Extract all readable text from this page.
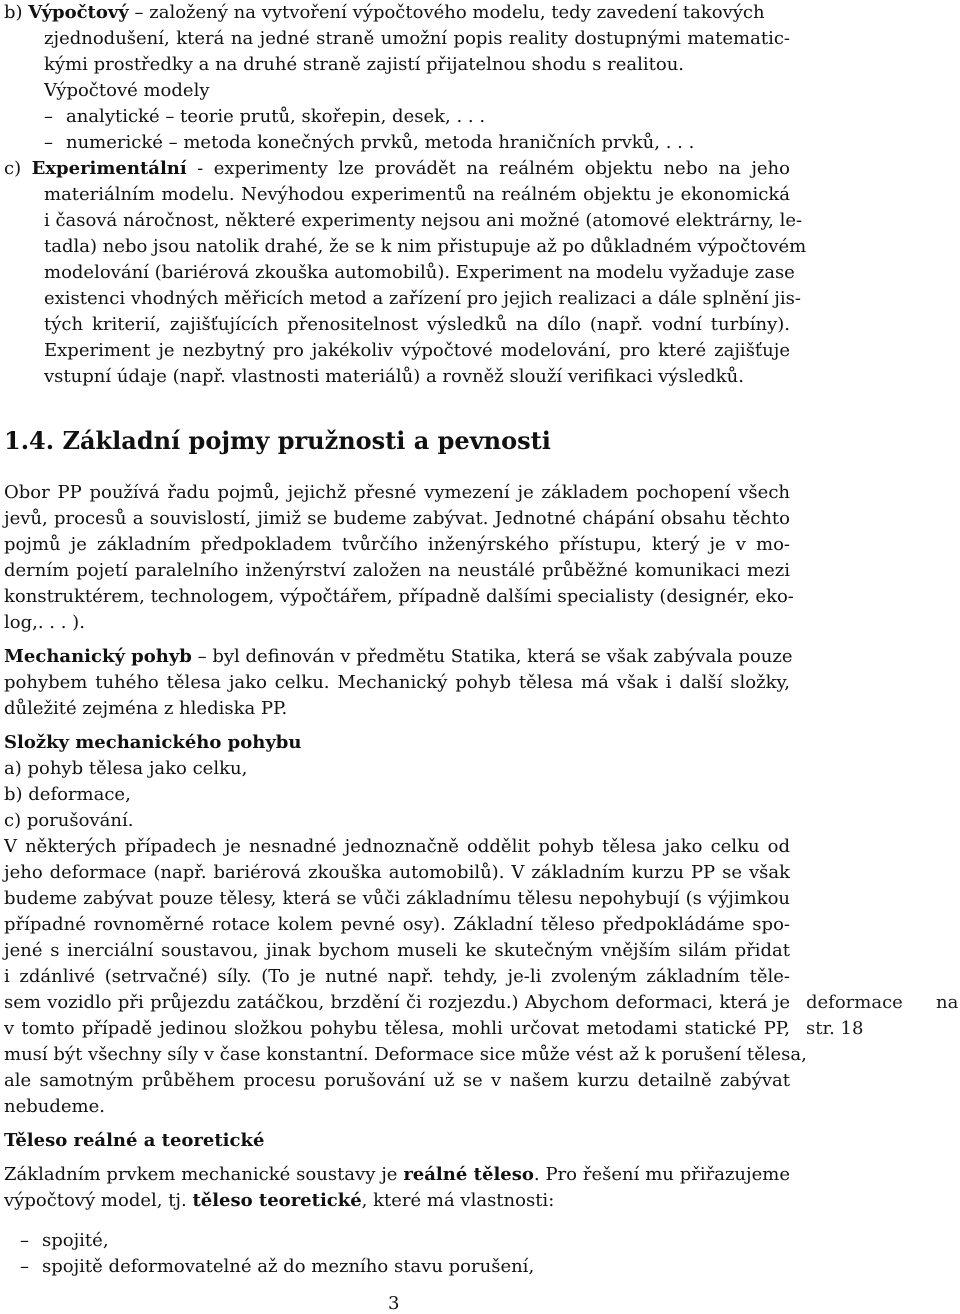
b) Výpočtový – založený na vytvoření výpočtového modelu, tedy zavedení takových
zjednodušení, která na jedné straně umožní popis reality dostupnými matematic-
kými prostředky a na druhé straně zajistí přijatelnou shodu s realitou.
Výpočtové modely
– analytické – teorie prutů, skořepin, desek, . . .
– numerické – metoda konečných prvků, metoda hraničních prvků, . . .
c) Experimentální - experimenty lze provádět na reálném objektu nebo na jeho
materiálním modelu. Nevýhodou experimentů na reálném objektu je ekonomická
i časová náročnost, některé experimenty nejsou ani možné (atomové elektrárny, le-
tadla) nebo jsou natolik drahé, že se k nim přistupuje až po důkladném výpočtovém
modelování (bariérová zkouška automobilů). Experiment na modelu vyžaduje zase
existenci vhodných měřicích metod a zařízení pro jejich realizaci a dále splnění jis-
tých kriterií, zajišťujících přenositelnost výsledků na dílo (např. vodní turbíny).
Experiment je nezbytný pro jakékoliv výpočtové modelování, pro které zajišťuje
vstupní údaje (např. vlastnosti materiálů) a rovněž slouží verifikaci výsledků.
1.4. Základní pojmy pružnosti a pevnosti
Obor PP používá řadu pojmů, jejichž přesné vymezení je základem pochopení všech
jevů, procesů a souvislostí, jimiž se budeme zabývat. Jednotné chápání obsahu těchto
pojmů je základním předpokladem tvůrčího inženýrského přístupu, který je v mo-
derním pojetí paralelního inženýrství založen na neustálé průběžné komunikaci mezi
konstruktérem, technologem, výpočtářem, případně dalšími specialisty (designér, eko-
log,. . . ).
Mechanický pohyb – byl definován v předmětu Statika, která se však zabývala pouze
pohybem tuhého tělesa jako celku. Mechanický pohyb tělesa má však i další složky,
důležité zejména z hlediska PP.
Složky mechanického pohybu
a) pohyb tělesa jako celku,
b) deformace,
c) porušování.
V některých případech je nesnadné jednoznačně oddělit pohyb tělesa jako celku od
jeho deformace (např. bariérová zkouška automobilů). V základním kurzu PP se však
budeme zabývat pouze tělesy, která se vůči základnímu tělesu nepohybují (s výjimkou
případné rovnoměrné rotace kolem pevné osy). Základní těleso předpokládáme spo-
jené s inerciální soustavou, jinak bychom museli ke skutečným vnějším silám přidat
i zdánlivé (setrvačné) síly. (To je nutné např. tehdy, je-li zvoleným základním těle-
sem vozidlo při průjezdu zatáčkou, brzdění či rozjezdu.) Abychom deformaci, která je
v tomto případě jedinou složkou pohybu tělesa, mohli určovat metodami statické PP,
musí být všechny síly v čase konstantní. Deformace sice může vést až k porušení tělesa,
ale samotným průběhem procesu porušování už se v našem kurzu detailně zabývat
nebudeme.
deformace na
str. 18
Těleso reálné a teoretické
Základním prvkem mechanické soustavy je reálné těleso. Pro řešení mu přiřazujeme
výpočtový model, tj. těleso teoretické, které má vlastnosti:
– spojité,
– spojitě deformovatelné až do mezního stavu porušení,
3
